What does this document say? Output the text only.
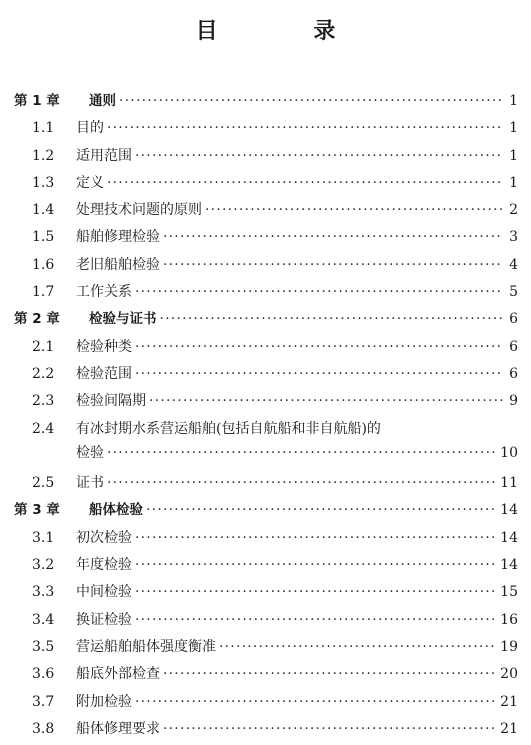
目 录
第 1 章 通则 ·····	1
1.1 目的 ·····	1
1.2 适用范围 ·····	1
1.3 定义 ·····	1
1.4 处理技术问题的原则 ·····	2
1.5 船舶修理检验 ·····	3
1.6 老旧船舶检验 ·····	4
1.7 工作关系 ·····	5
第 2 章 检验与证书 ·····	6
2.1 检验种类 ·····	6
2.2 检验范围 ·····	6
2.3 检验间隔期 ·····	9
2.4 有冰封期水系营运船舶(包括自航船和非自航船)的
检验 ·····	10
2.5 证书 ·····	11
第 3 章 船体检验 ·····	14
3.1 初次检验 ·····	14
3.2 年度检验 ·····	14
3.3 中间检验 ·····	15
3.4 换证检验 ·····	16
3.5 营运船舶船体强度衡准 ·····	19
3.6 船底外部检查 ·····	20
3.7 附加检验 ·····	21
3.8 船体修理要求 ·····	21
